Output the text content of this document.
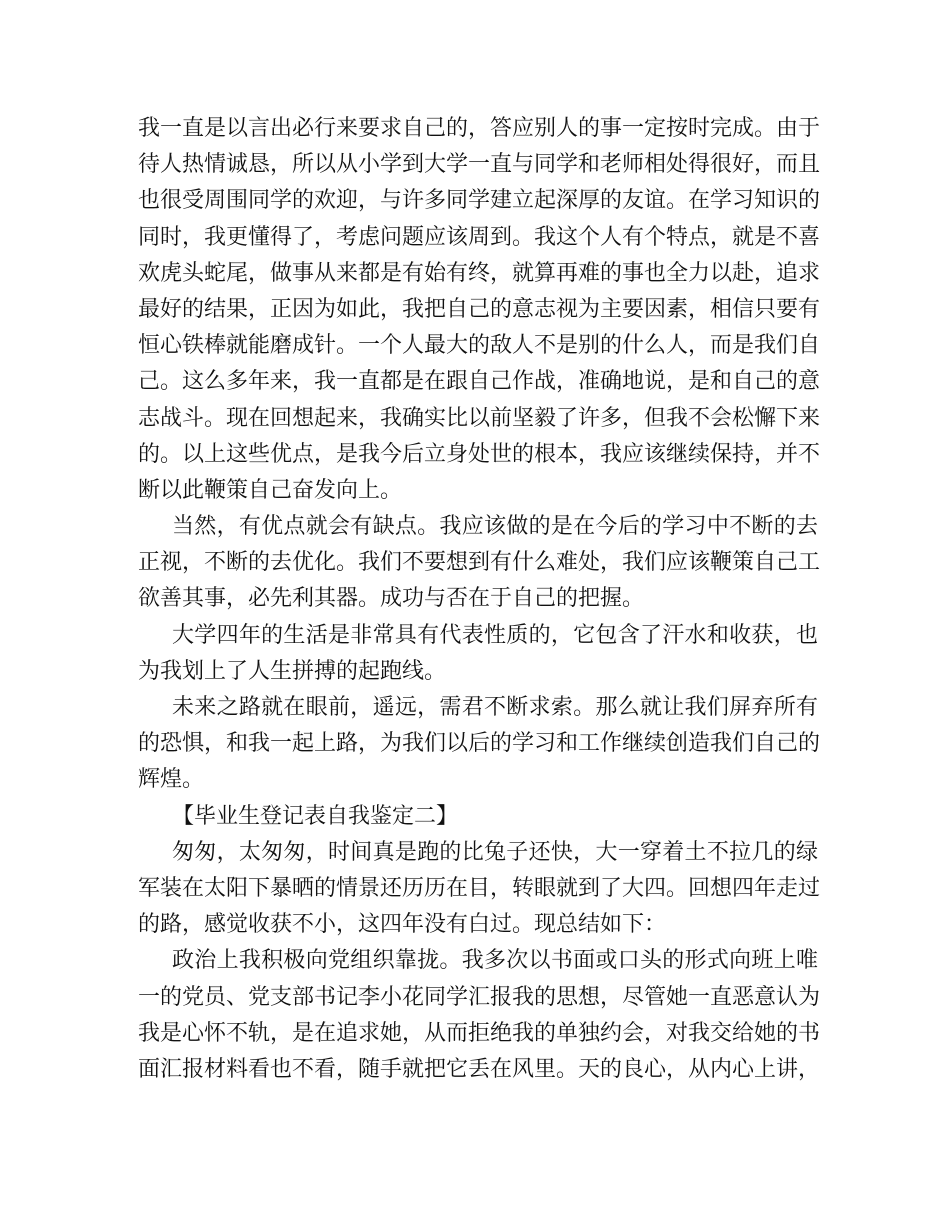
我一直是以言出必行来要求自己的，答应别人的事一定按时完成。由于
待人热情诚恳，所以从小学到大学一直与同学和老师相处得很好，而且
也很受周围同学的欢迎，与许多同学建立起深厚的友谊。在学习知识的
同时，我更懂得了，考虑问题应该周到。我这个人有个特点，就是不喜
欢虎头蛇尾，做事从来都是有始有终，就算再难的事也全力以赴，追求
最好的结果，正因为如此，我把自己的意志视为主要因素，相信只要有
恒心铁棒就能磨成针。一个人最大的敌人不是别的什么人，而是我们自
己。这么多年来，我一直都是在跟自己作战，准确地说，是和自己的意
志战斗。现在回想起来，我确实比以前坚毅了许多，但我不会松懈下来
的。以上这些优点，是我今后立身处世的根本，我应该继续保持，并不
断以此鞭策自己奋发向上。
当然，有优点就会有缺点。我应该做的是在今后的学习中不断的去
正视，不断的去优化。我们不要想到有什么难处，我们应该鞭策自己工
欲善其事，必先利其器。成功与否在于自己的把握。
大学四年的生活是非常具有代表性质的，它包含了汗水和收获，也
为我划上了人生拼搏的起跑线。
未来之路就在眼前，遥远，需君不断求索。那么就让我们屏弃所有
的恐惧，和我一起上路，为我们以后的学习和工作继续创造我们自己的
辉煌。
【毕业生登记表自我鉴定二】
匆匆，太匆匆，时间真是跑的比兔子还快，大一穿着土不拉几的绿
军装在太阳下暴晒的情景还历历在目，转眼就到了大四。回想四年走过
的路，感觉收获不小，这四年没有白过。现总结如下：
政治上我积极向党组织靠拢。我多次以书面或口头的形式向班上唯
一的党员、党支部书记李小花同学汇报我的思想，尽管她一直恶意认为
我是心怀不轨，是在追求她，从而拒绝我的单独约会，对我交给她的书
面汇报材料看也不看，随手就把它丢在风里。天的良心，从内心上讲，
